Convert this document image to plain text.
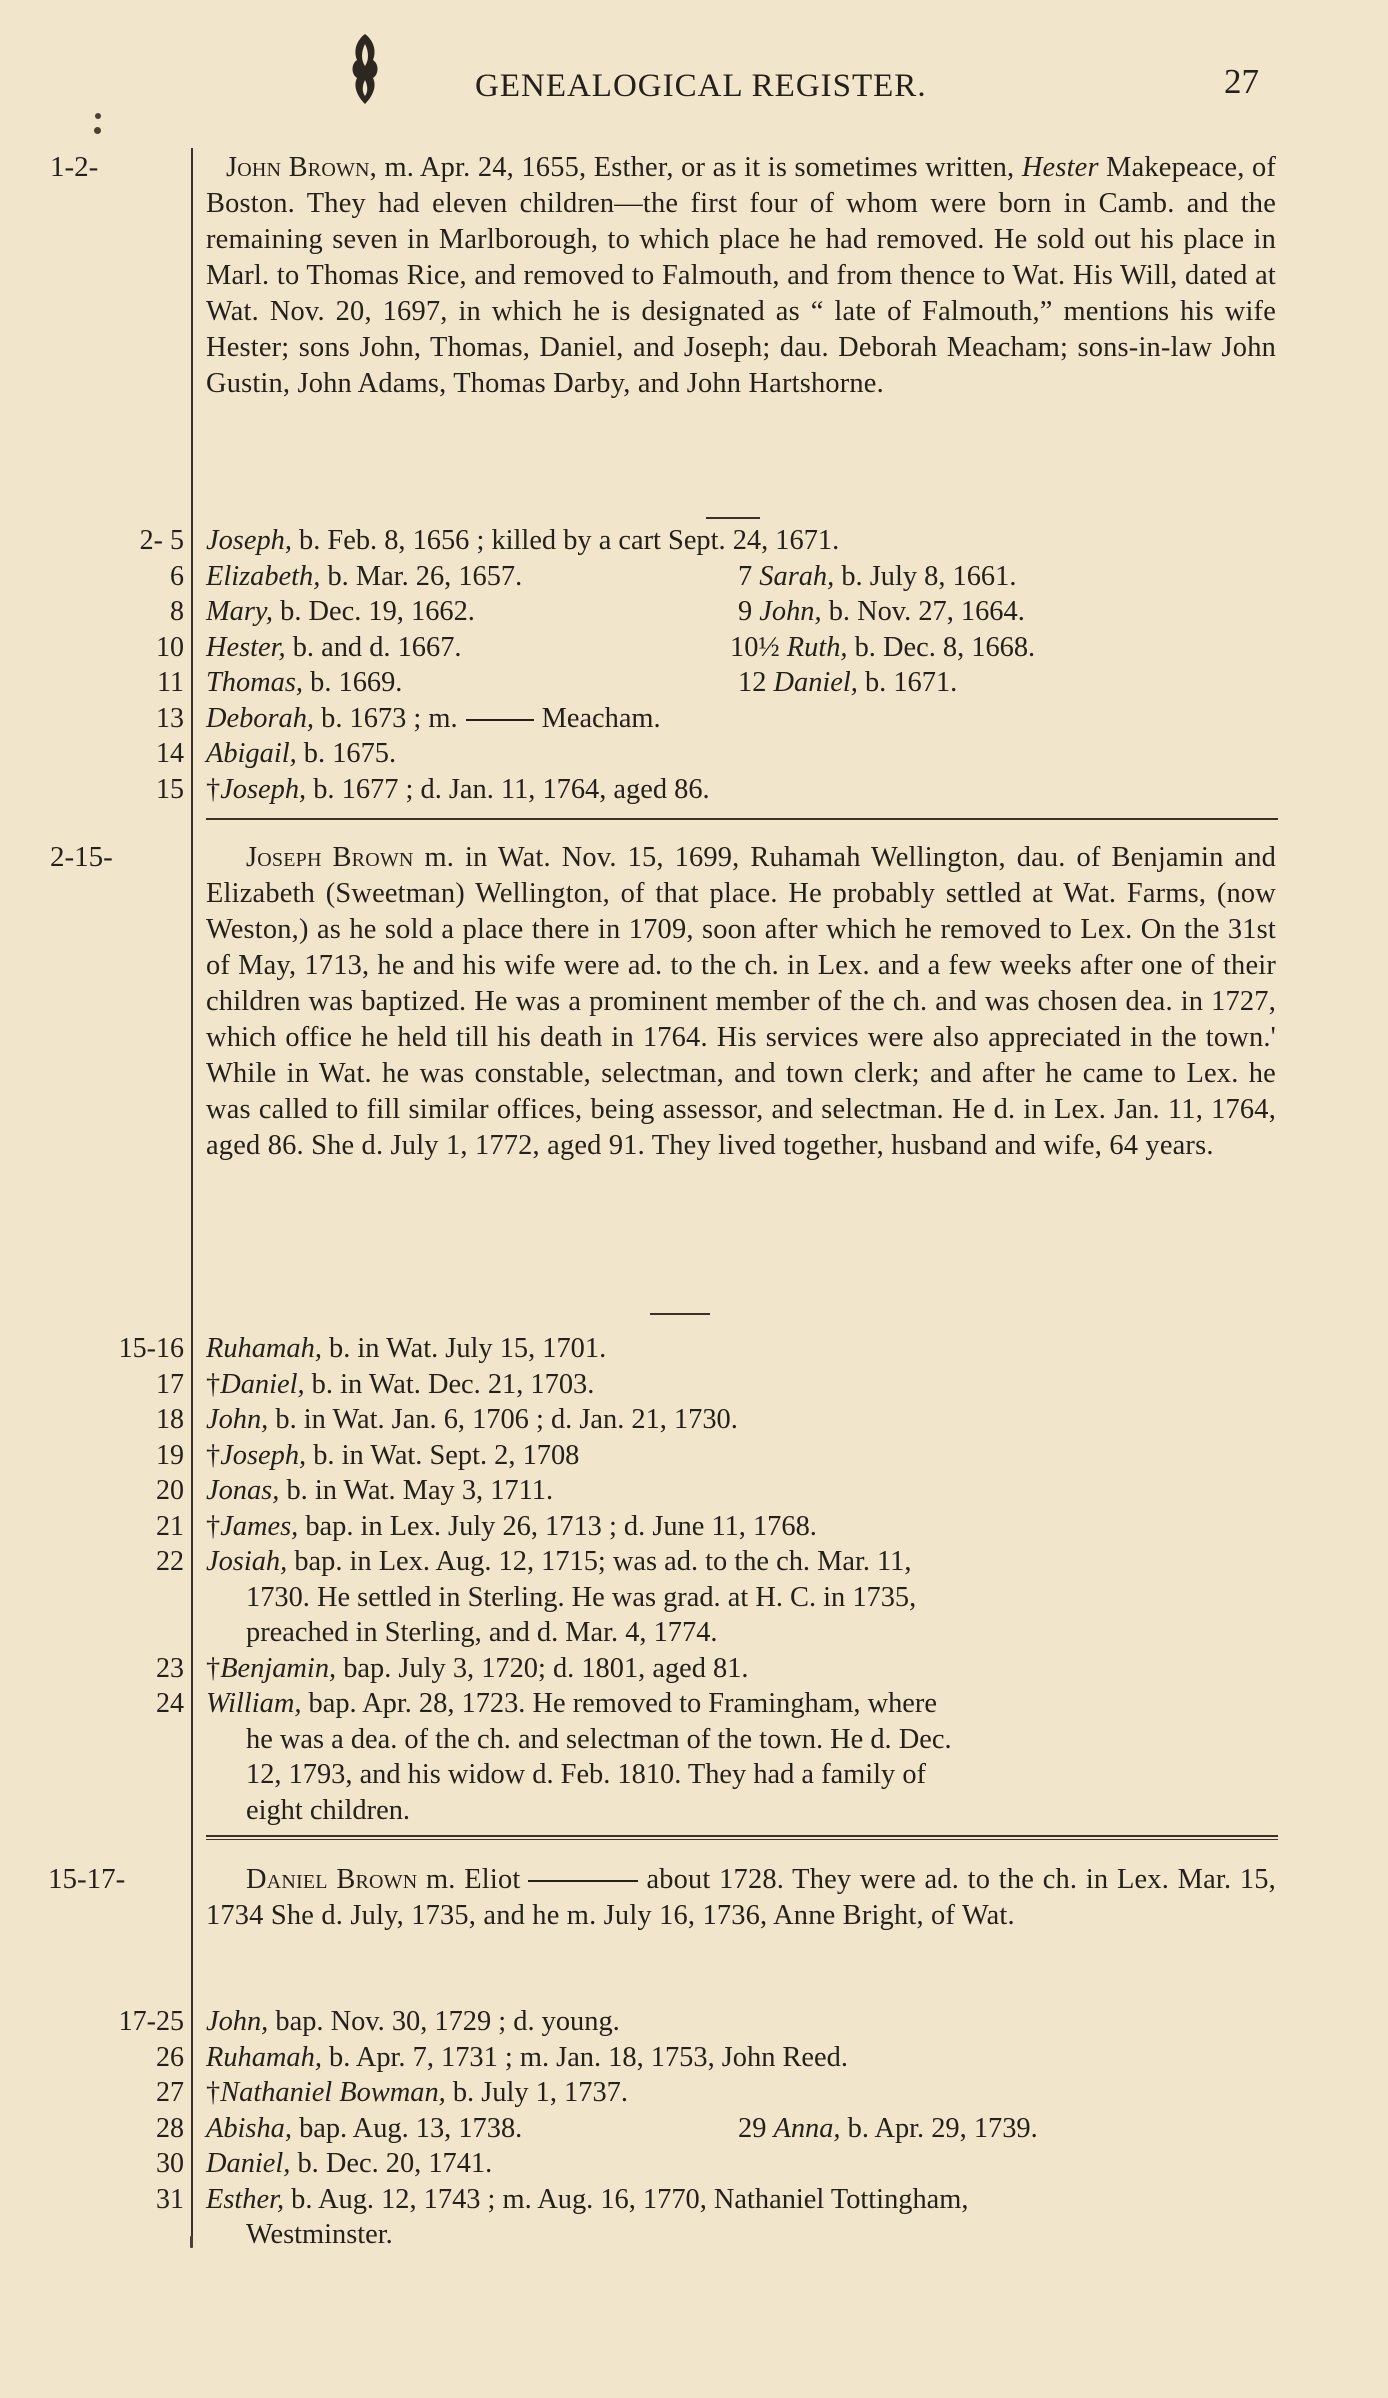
GENEALOGICAL REGISTER.	27
1-2-	John Brown, m. Apr. 24, 1655, Esther, or as it is sometimes written, Hester Makepeace, of Boston. They had eleven children—the first four of whom were born in Camb. and the remaining seven in Marlborough, to which place he had removed. He sold out his place in Marl. to Thomas Rice, and removed to Falmouth, and from thence to Wat. His Will, dated at Wat. Nov. 20, 1697, in which he is designated as “ late of Falmouth,” mentions his wife Hester; sons John, Thomas, Daniel, and Joseph; dau. Deborah Meacham; sons-in-law John Gustin, John Adams, Thomas Darby, and John Hartshorne.
2- 5 Joseph, b. Feb. 8, 1656 ; killed by a cart Sept. 24, 1671.
6 Elizabeth, b. Mar. 26, 1657.	7 Sarah, b. July 8, 1661.
8 Mary, b. Dec. 19, 1662.	9 John, b. Nov. 27, 1664.
10 Hester, b. and d. 1667.	10½ Ruth, b. Dec. 8, 1668.
11 Thomas, b. 1669.	12 Daniel, b. 1671.
13 Deborah, b. 1673 ; m.	Meacham.
14 Abigail, b. 1675.
15 †Joseph, b. 1677 ; d. Jan. 11, 1764, aged 86.
2-15-	Joseph Brown m. in Wat. Nov. 15, 1699, Ruhamah Wellington, dau. of Benjamin and Elizabeth (Sweetman) Wellington, of that place. He probably settled at Wat. Farms, (now Weston,) as he sold a place there in 1709, soon after which he removed to Lex. On the 31st of May, 1713, he and his wife were ad. to the ch. in Lex. and a few weeks after one of their children was baptized. He was a prominent member of the ch. and was chosen dea. in 1727, which office he held till his death in 1764. His services were also appreciated in the town.' While in Wat. he was constable, selectman, and town clerk; and after he came to Lex. he was called to fill similar offices, being assessor, and selectman. He d. in Lex. Jan. 11, 1764, aged 86. She d. July 1, 1772, aged 91. They lived together, husband and wife, 64 years.
15-16 Ruhamah, b. in Wat. July 15, 1701.
17 †Daniel, b. in Wat. Dec. 21, 1703.
18 John, b. in Wat. Jan. 6, 1706 ; d. Jan. 21, 1730.
19 †Joseph, b. in Wat. Sept. 2, 1708
20 Jonas, b. in Wat. May 3, 1711.
21 †James, bap. in Lex. July 26, 1713 ; d. June 11, 1768.
22 Josiah, bap. in Lex. Aug. 12, 1715; was ad. to the ch. Mar. 11,
1730. He settled in Sterling. He was grad. at H. C. in 1735,
preached in Sterling, and d. Mar. 4, 1774.
23 †Benjamin, bap. July 3, 1720; d. 1801, aged 81.
24 William, bap. Apr. 28, 1723. He removed to Framingham, where
he was a dea. of the ch. and selectman of the town. He d. Dec.
12, 1793, and his widow d. Feb. 1810. They had a family of
eight children.
15-17-	Daniel Brown m. Eliot	about 1728. They were ad. to the ch. in Lex. Mar. 15, 1734 She d. July, 1735, and he m. July 16, 1736, Anne Bright, of Wat.
17-25 John, bap. Nov. 30, 1729 ; d. young.
26 Ruhamah, b. Apr. 7, 1731 ; m. Jan. 18, 1753, John Reed.
27 †Nathaniel Bowman, b. July 1, 1737.
28 Abisha, bap. Aug. 13, 1738.	29 Anna, b. Apr. 29, 1739.
30 Daniel, b. Dec. 20, 1741.
31 Esther, b. Aug. 12, 1743 ; m. Aug. 16, 1770, Nathaniel Tottingham,
Westminster.
